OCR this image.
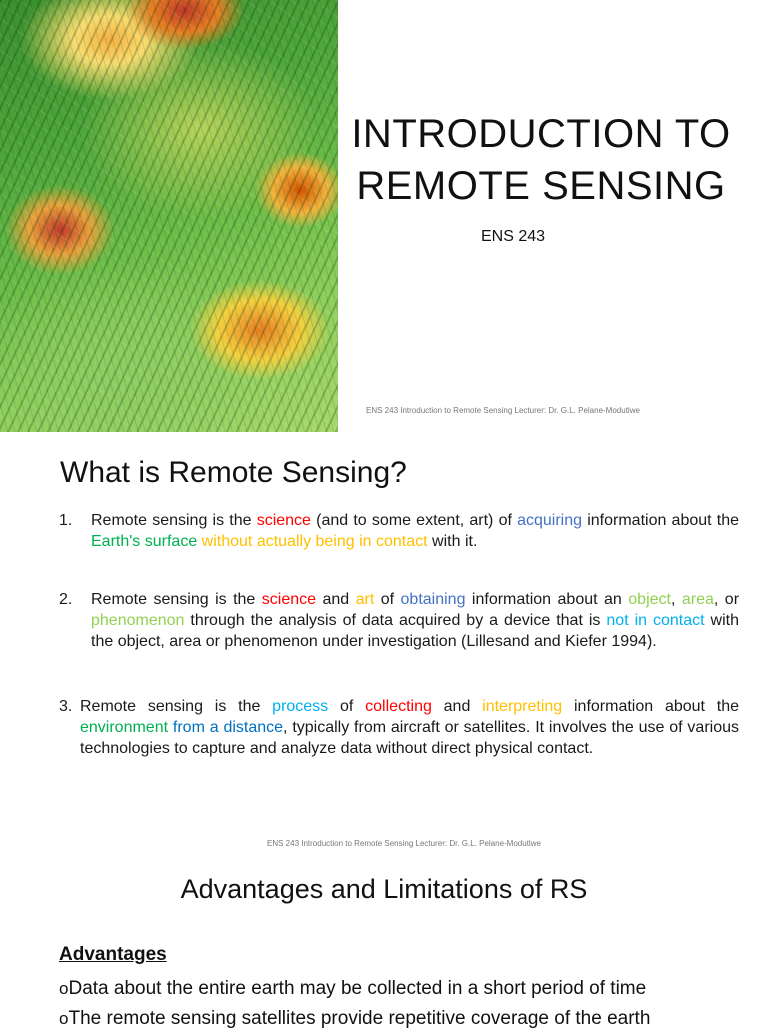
INTRODUCTION TO
REMOTE SENSING

ENS 243

ENS 243 Introduction to Remote Sensing Lecturer: Dr. G.L. Pelane-Modutlwe

What is Remote Sensing?
1. Remote sensing is the science (and to some extent, art) of acquiring information about the Earth's surface without actually being in contact with it.
2. Remote sensing is the science and art of obtaining information about an object, area, or phenomenon through the analysis of data acquired by a device that is not in contact with the object, area or phenomenon under investigation (Lillesand and Kiefer 1994).
3. Remote sensing is the process of collecting and interpreting information about the environment from a distance, typically from aircraft or satellites. It involves the use of various technologies to capture and analyze data without direct physical contact.

ENS 243 Introduction to Remote Sensing Lecturer: Dr. G.L. Pelane-Modutlwe

Advantages and Limitations of RS

Advantages

oData about the entire earth may be collected in a short period of time
oThe remote sensing satellites provide repetitive coverage of the earth
